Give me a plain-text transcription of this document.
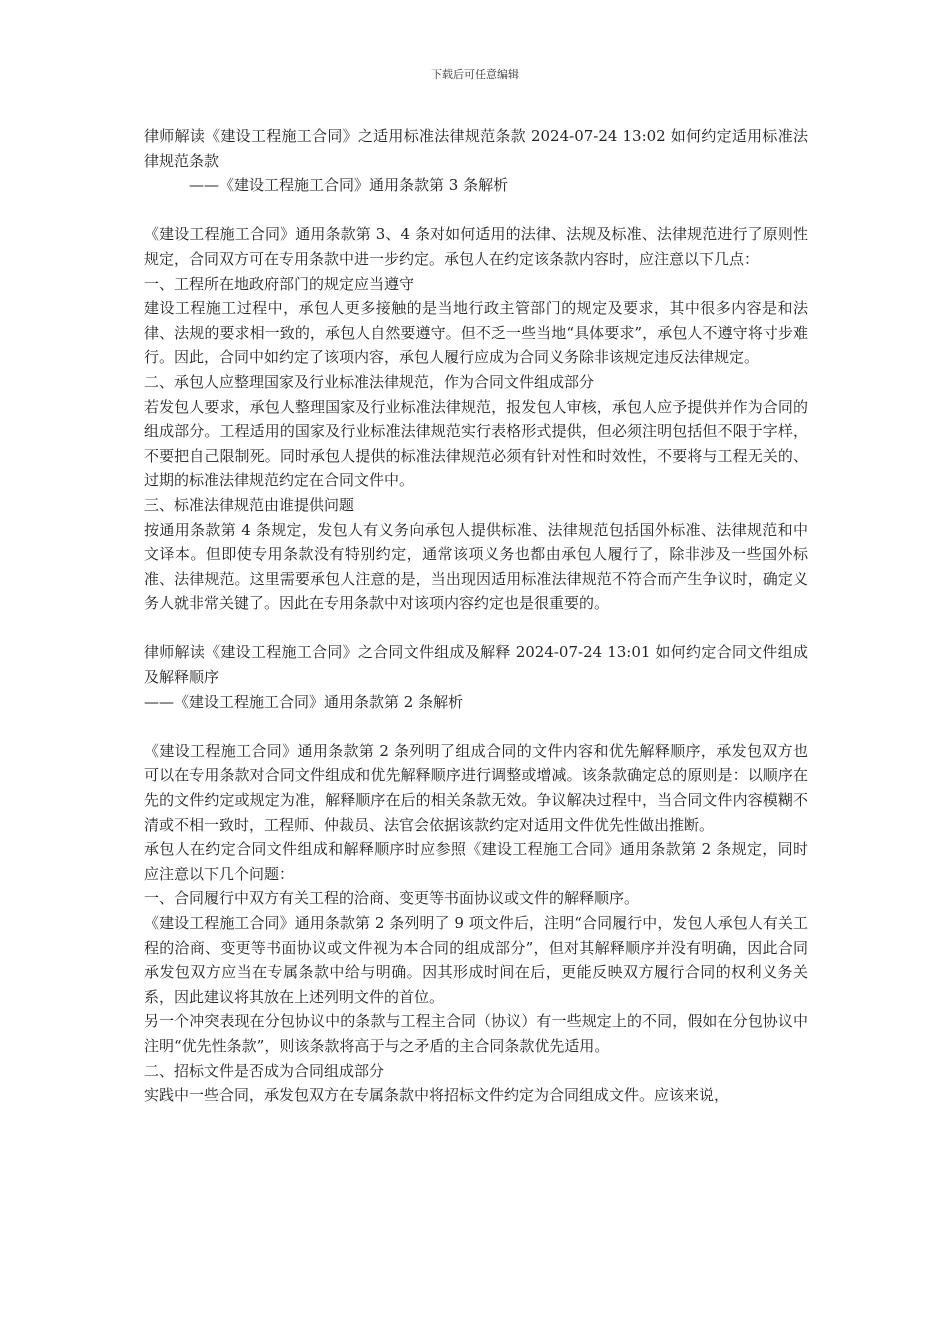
下载后可任意编辑

律师解读《建设工程施工合同》之适用标准法律规范条款 2024-07-24 13:02 如何约定适用标准法律规范条款

——《建设工程施工合同》通用条款第 3 条解析

《建设工程施工合同》通用条款第 3、4 条对如何适用的法律、法规及标准、法律规范进行了原则性规定，合同双方可在专用条款中进一步约定。承包人在约定该条款内容时，应注意以下几点：

一、工程所在地政府部门的规定应当遵守

建设工程施工过程中，承包人更多接触的是当地行政主管部门的规定及要求，其中很多内容是和法律、法规的要求相一致的，承包人自然要遵守。但不乏一些当地“具体要求”，承包人不遵守将寸步难行。因此，合同中如约定了该项内容，承包人履行应成为合同义务除非该规定违反法律规定。

二、承包人应整理国家及行业标准法律规范，作为合同文件组成部分

若发包人要求，承包人整理国家及行业标准法律规范，报发包人审核，承包人应予提供并作为合同的组成部分。工程适用的国家及行业标准法律规范实行表格形式提供，但必须注明包括但不限于字样，不要把自己限制死。同时承包人提供的标准法律规范必须有针对性和时效性，不要将与工程无关的、过期的标准法律规范约定在合同文件中。

三、标准法律规范由谁提供问题

按通用条款第 4 条规定，发包人有义务向承包人提供标准、法律规范包括国外标准、法律规范和中文译本。但即使专用条款没有特别约定，通常该项义务也都由承包人履行了，除非涉及一些国外标准、法律规范。这里需要承包人注意的是，当出现因适用标准法律规范不符合而产生争议时，确定义务人就非常关键了。因此在专用条款中对该项内容约定也是很重要的。

律师解读《建设工程施工合同》之合同文件组成及解释 2024-07-24 13:01 如何约定合同文件组成及解释顺序

——《建设工程施工合同》通用条款第 2 条解析

《建设工程施工合同》通用条款第 2 条列明了组成合同的文件内容和优先解释顺序，承发包双方也可以在专用条款对合同文件组成和优先解释顺序进行调整或增减。该条款确定总的原则是：以顺序在先的文件约定或规定为准，解释顺序在后的相关条款无效。争议解决过程中，当合同文件内容模糊不清或不相一致时，工程师、仲裁员、法官会依据该款约定对适用文件优先性做出推断。

承包人在约定合同文件组成和解释顺序时应参照《建设工程施工合同》通用条款第 2 条规定，同时应注意以下几个问题：

一、合同履行中双方有关工程的洽商、变更等书面协议或文件的解释顺序。

《建设工程施工合同》通用条款第 2 条列明了 9 项文件后，注明“合同履行中，发包人承包人有关工程的洽商、变更等书面协议或文件视为本合同的组成部分”，但对其解释顺序并没有明确，因此合同承发包双方应当在专属条款中给与明确。因其形成时间在后，更能反映双方履行合同的权利义务关系，因此建议将其放在上述列明文件的首位。

另一个冲突表现在分包协议中的条款与工程主合同（协议）有一些规定上的不同，假如在分包协议中注明“优先性条款”，则该条款将高于与之矛盾的主合同条款优先适用。

二、招标文件是否成为合同组成部分

实践中一些合同，承发包双方在专属条款中将招标文件约定为合同组成文件。应该来说，
